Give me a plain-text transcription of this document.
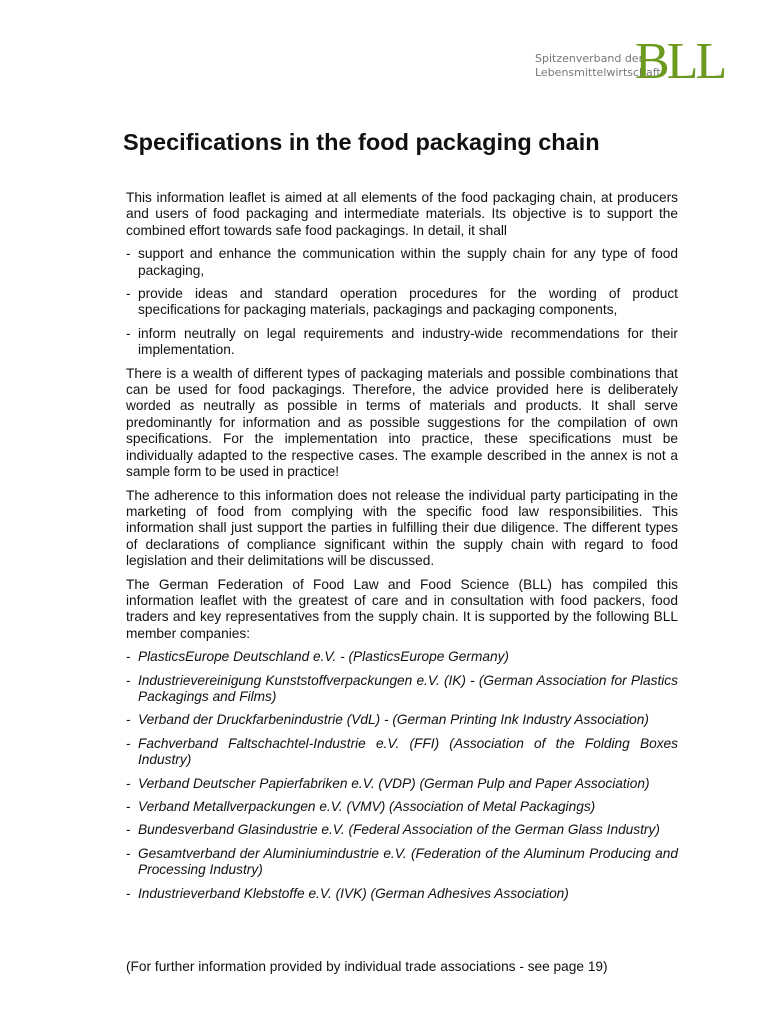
Spitzenverband der
Lebensmittelwirtschaft
BLL
Specifications in the food packaging chain

This information leaflet is aimed at all elements of the food packaging chain, at producers and users of food packaging and intermediate materials. Its objective is to support the combined effort towards safe food packagings. In detail, it shall

- support and enhance the communication within the supply chain for any type of food packaging,
- provide ideas and standard operation procedures for the wording of product specifications for packaging materials, packagings and packaging components,
- inform neutrally on legal requirements and industry-wide recommendations for their implementation.

There is a wealth of different types of packaging materials and possible combinations that can be used for food packagings. Therefore, the advice provided here is deliberately worded as neutrally as possible in terms of materials and products. It shall serve predominantly for information and as possible suggestions for the compilation of own specifications. For the implementation into practice, these specifications must be individually adapted to the respective cases. The example described in the annex is not a sample form to be used in practice!

The adherence to this information does not release the individual party participating in the marketing of food from complying with the specific food law responsibilities. This information shall just support the parties in fulfilling their due diligence. The different types of declarations of compliance significant within the supply chain with regard to food legislation and their delimitations will be discussed.

The German Federation of Food Law and Food Science (BLL) has compiled this information leaflet with the greatest of care and in consultation with food packers, food traders and key representatives from the supply chain. It is supported by the following BLL member companies:

- PlasticsEurope Deutschland e.V. - (PlasticsEurope Germany)
- Industrievereinigung Kunststoffverpackungen e.V. (IK) - (German Association for Plastics Packagings and Films)
- Verband der Druckfarbenindustrie (VdL) - (German Printing Ink Industry Association)
- Fachverband Faltschachtel-Industrie e.V. (FFI) (Association of the Folding Boxes Industry)
- Verband Deutscher Papierfabriken e.V. (VDP) (German Pulp and Paper Association)
- Verband Metallverpackungen e.V. (VMV) (Association of Metal Packagings)
- Bundesverband Glasindustrie e.V. (Federal Association of the German Glass Industry)
- Gesamtverband der Aluminiumindustrie e.V. (Federation of the Aluminum Producing and Processing Industry)
- Industrieverband Klebstoffe e.V. (IVK) (German Adhesives Association)
(For further information provided by individual trade associations - see page 19)
